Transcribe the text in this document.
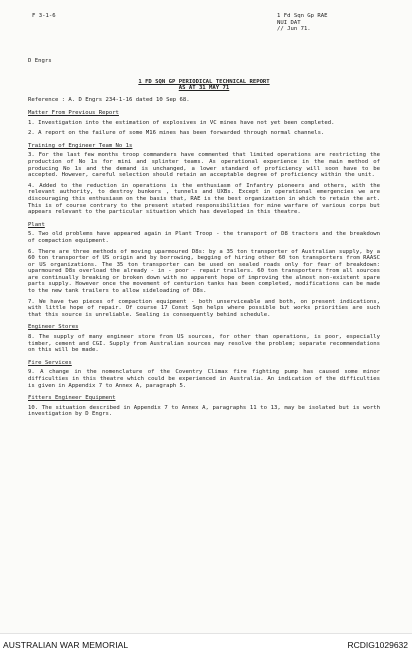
F 3-1-6	1 Fd Sqn Gp RAE
NUI DAT
// Jun 71.
D Engrs
1 FD SQN GP PERIODICAL TECHNICAL REPORT
AS AT 31 MAY 71
Reference : A. D Engrs 234-1-16 dated 10 Sep 68.
Matter From Previous Report
1. Investigation into the estimation of explosives in VC mines have not yet been completed.
2. A report on the failure of some M16 mines has been forwarded through normal channels.
Training of Engineer Team No 1s
3. For the last few months troop commanders have commented that limited operations are restricting the production of No 1s for mini and splinter teams. As operational experience in the main method of producing No 1s and the demand is unchanged, a lower standard of proficiency will soon have to be accepted. However, careful selection should retain an acceptable degree of proficiency within the unit.
4. Added to the reduction in operations is the enthusiasm of Infantry pioneers and others, with the relevant authority, to destroy bunkers , tunnels and UXBs. Except in operational emergencies we are discouraging this enthusiasm on the basis that, RAE is the best organization in which to retain the art. This is of course contrary to the present stated responsibilities for mine warfare of various corps but appears relevant to the particular situation which has developed in this theatre.
Plant
5. Two old problems have appeared again in Plant Troop - the transport of D8 tractors and the breakdown of compaction equipment.
6. There are three methods of moving uparmoured D8s: by a 35 ton transporter of Australian supply, by a 60 ton transporter of US origin and by borrowing, begging of hiring other 60 ton transporters from RAASC or US organizations. The 35 ton transporter can be used on sealed roads only for fear of breakdown: uparmoured D8s overload the already - in - poor - repair trailers. 60 ton transporters from all sources are continually breaking or broken down with no apparent hope of improving the almost non-existent spare parts supply. However once the movement of centurion tanks has been completed, modifications can be made to the new tank trailers to allow sideloading of D8s.
7. We have two pieces of compaction equipment - both unserviceable and both, on present indications, with little hope of repair. Of course 17 Const Sqn helps where possible but works priorities are such that this source is unreliable. Sealing is consequently behind schedule.
Engineer Stores
8. The supply of many engineer store from US sources, for other than operations, is poor, especially timber, cement and CGI. Supply from Australian sources may resolve the problem; separate recommendations on this will be made.
Fire Services
9. A change in the nomenclature of the Coventry Climax fire fighting pump has caused some minor difficulties in this theatre which could be experienced in Australia. An indication of the difficulties is given in Appendix 7 to Annex A, paragraph 5.
Fitters Engineer Equipment
10. The situation described in Appendix 7 to Annex A, paragraphs 11 to 13, may be isolated but is worth investigation by D Engrs.
AUSTRALIAN WAR MEMORIAL	RCDIG1029632
